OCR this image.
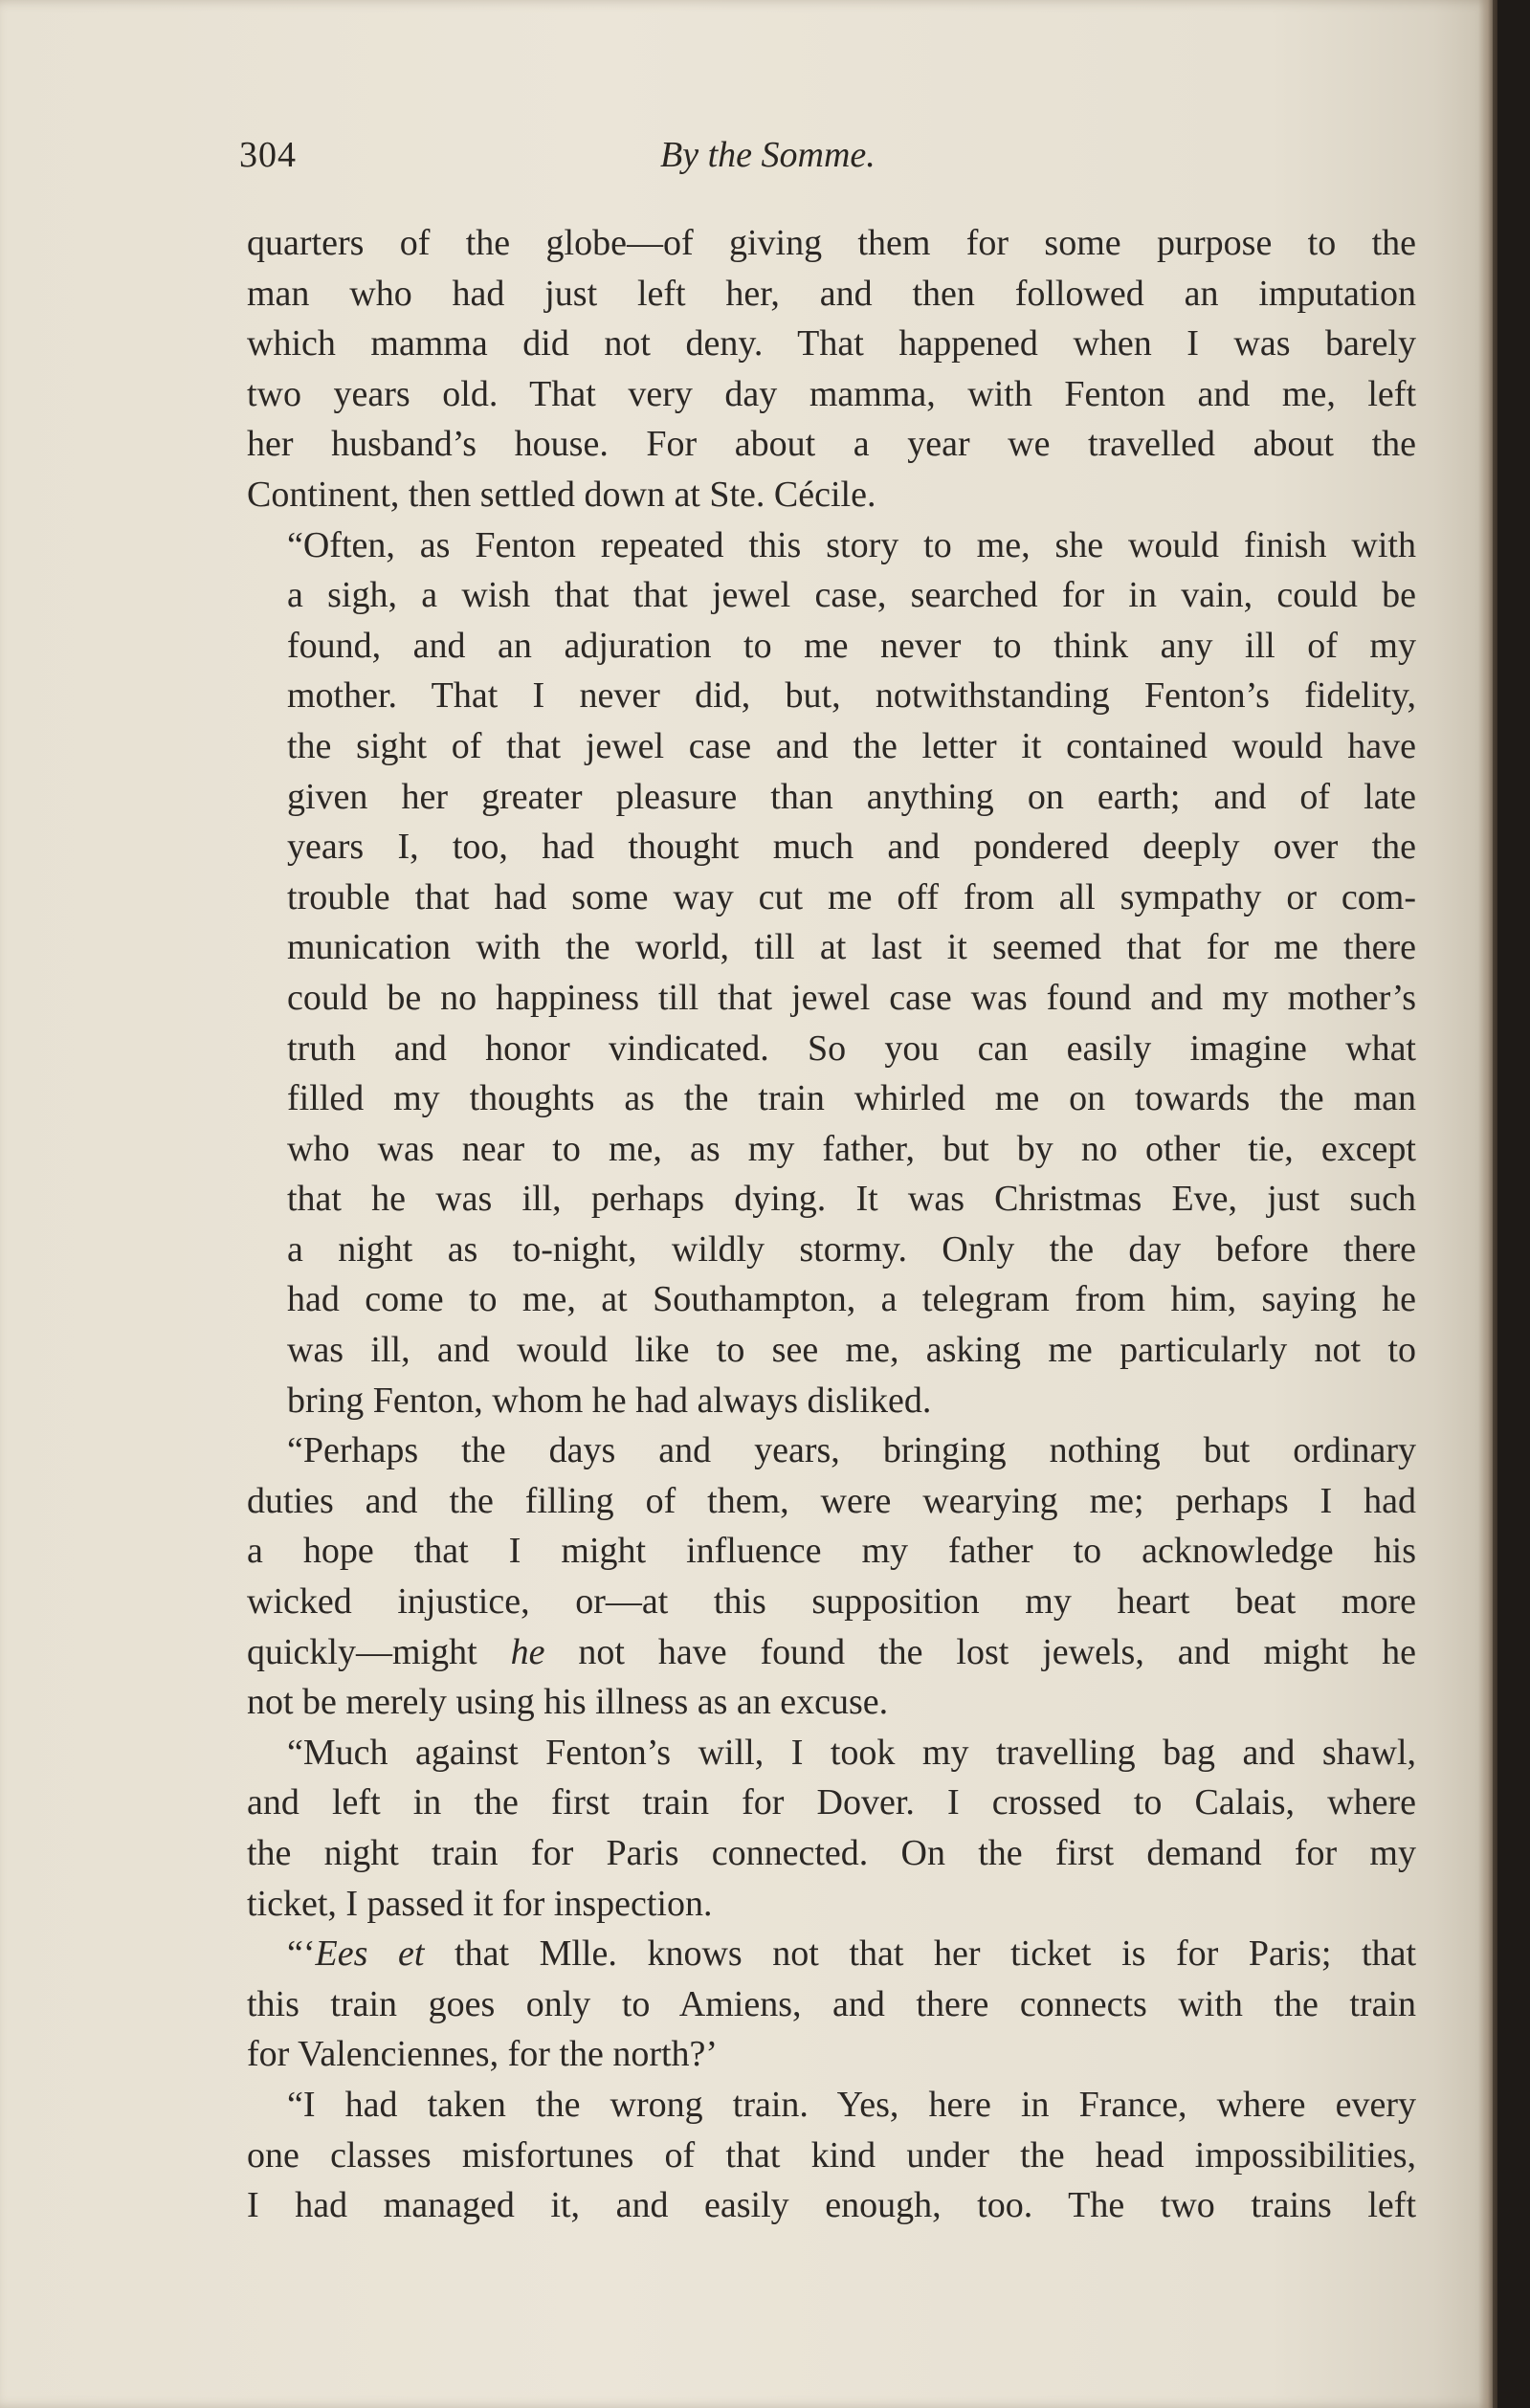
304	By the Somme.

quarters of the globe—of giving them for some purpose to the
man who had just left her, and then followed an imputation
which mamma did not deny. That happened when I was barely
two years old. That very day mamma, with Fenton and me, left
her husband’s house. For about a year we travelled about the
Continent, then settled down at Ste. Cécile.

“Often, as Fenton repeated this story to me, she would finish with
a sigh, a wish that that jewel case, searched for in vain, could be
found, and an adjuration to me never to think any ill of my
mother. That I never did, but, notwithstanding Fenton’s fidelity,
the sight of that jewel case and the letter it contained would have
given her greater pleasure than anything on earth; and of late
years I, too, had thought much and pondered deeply over the
trouble that had some way cut me off from all sympathy or com-
munication with the world, till at last it seemed that for me there
could be no happiness till that jewel case was found and my mother’s
truth and honor vindicated. So you can easily imagine what
filled my thoughts as the train whirled me on towards the man
who was near to me, as my father, but by no other tie, except
that he was ill, perhaps dying. It was Christmas Eve, just such
a night as to-night, wildly stormy. Only the day before there
had come to me, at Southampton, a telegram from him, saying he
was ill, and would like to see me, asking me particularly not to
bring Fenton, whom he had always disliked.

“Perhaps the days and years, bringing nothing but ordinary
duties and the filling of them, were wearying me; perhaps I had
a hope that I might influence my father to acknowledge his
wicked injustice, or—at this supposition my heart beat more
quickly—might he not have found the lost jewels, and might he
not be merely using his illness as an excuse.

“Much against Fenton’s will, I took my travelling bag and shawl,
and left in the first train for Dover. I crossed to Calais, where
the night train for Paris connected. On the first demand for my
ticket, I passed it for inspection.

“‘Ees et that Mlle. knows not that her ticket is for Paris; that
this train goes only to Amiens, and there connects with the train
for Valenciennes, for the north?’

“I had taken the wrong train. Yes, here in France, where every
one classes misfortunes of that kind under the head impossibilities,
I had managed it, and easily enough, too. The two trains left
